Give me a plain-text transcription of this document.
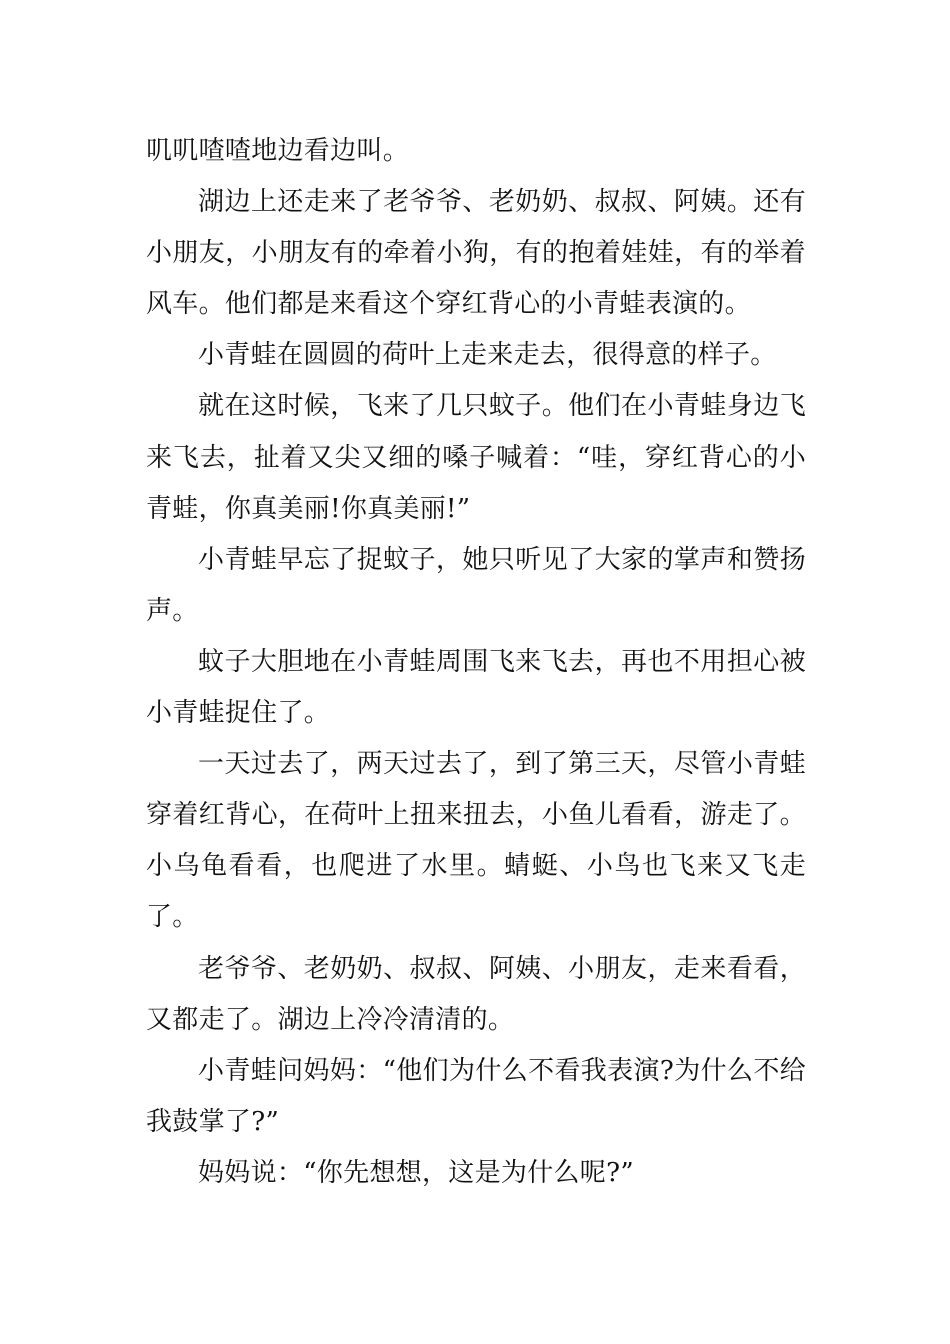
叽叽喳喳地边看边叫。

湖边上还走来了老爷爷、老奶奶、叔叔、阿姨。还有小朋友，小朋友有的牵着小狗，有的抱着娃娃，有的举着风车。他们都是来看这个穿红背心的小青蛙表演的。

小青蛙在圆圆的荷叶上走来走去，很得意的样子。

就在这时候，飞来了几只蚊子。他们在小青蛙身边飞来飞去，扯着又尖又细的嗓子喊着：“哇，穿红背心的小青蛙，你真美丽!你真美丽!”

小青蛙早忘了捉蚊子，她只听见了大家的掌声和赞扬声。

蚊子大胆地在小青蛙周围飞来飞去，再也不用担心被小青蛙捉住了。

一天过去了，两天过去了，到了第三天，尽管小青蛙穿着红背心，在荷叶上扭来扭去，小鱼儿看看，游走了。小乌龟看看，也爬进了水里。蜻蜓、小鸟也飞来又飞走了。

老爷爷、老奶奶、叔叔、阿姨、小朋友，走来看看，又都走了。湖边上冷冷清清的。

小青蛙问妈妈：“他们为什么不看我表演?为什么不给我鼓掌了?”

妈妈说：“你先想想，这是为什么呢?”
